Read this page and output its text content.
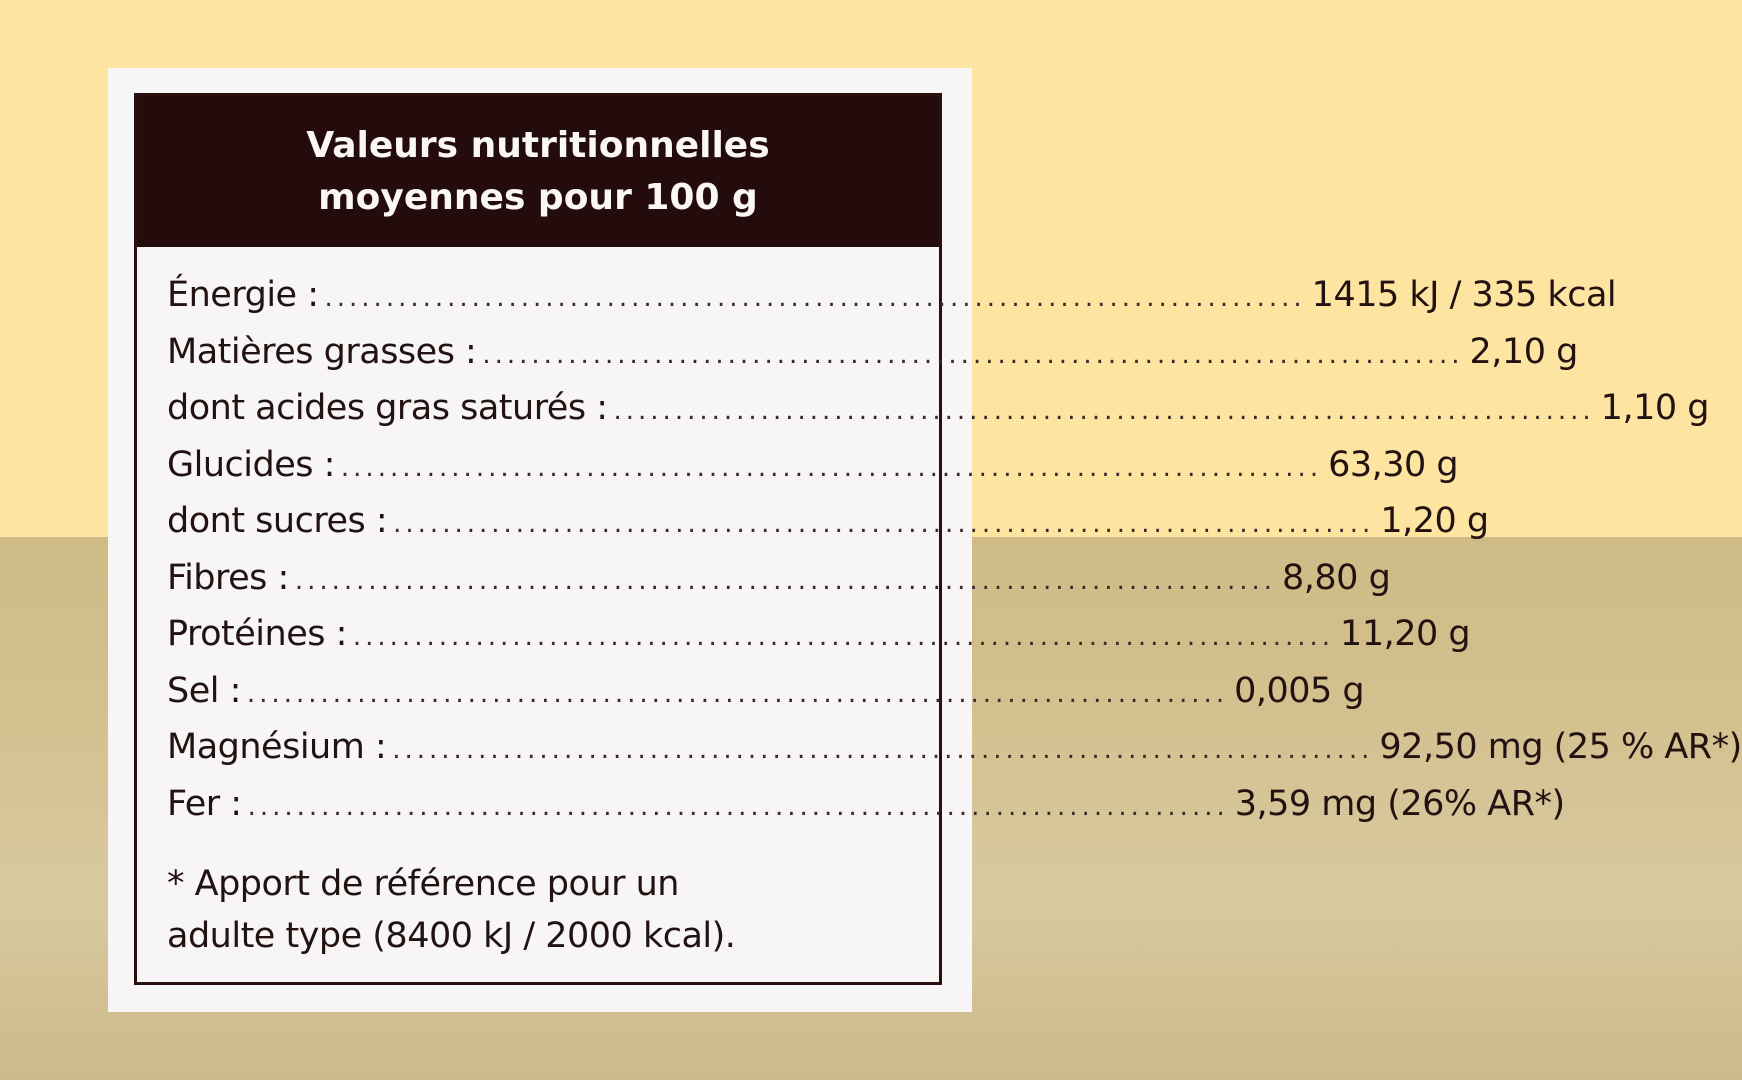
Valeurs nutritionnelles
moyennes pour 100 g
Énergie : ................................................................................ 1415 kJ / 335 kcal
Matières grasses : ................................................................................ 2,10 g
dont acides gras saturés : ................................................................................ 1,10 g
Glucides : ................................................................................ 63,30 g
dont sucres : ................................................................................ 1,20 g
Fibres : ................................................................................ 8,80 g
Protéines : ................................................................................ 11,20 g
Sel : ................................................................................ 0,005 g
Magnésium : ................................................................................ 92,50 mg (25 % AR*)
Fer : ................................................................................ 3,59 mg (26% AR*)
* Apport de référence pour un
adulte type (8400 kJ / 2000 kcal).
